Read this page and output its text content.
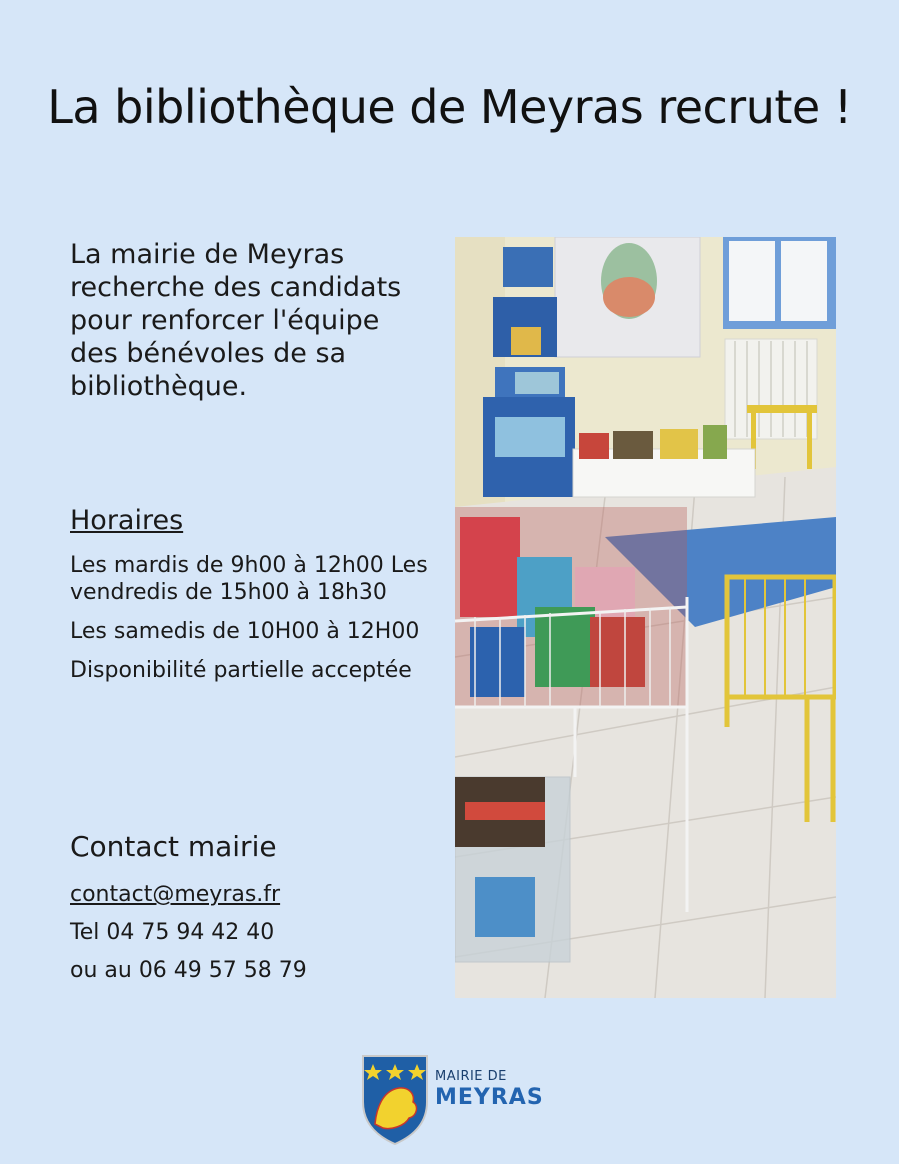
La bibliothèque de Meyras recrute !

La mairie de Meyras recherche des candidats pour renforcer l'équipe des bénévoles de sa bibliothèque.

Horaires

Les mardis de 9h00 à 12h00 Les vendredis de 15h00 à 18h30

Les samedis de 10H00 à 12H00

Disponibilité partielle acceptée

Contact mairie
contact@meyras.fr
Tel 04 75 94 42 40
ou au 06 49 57 58 79
MAIRIE DE
MEYRAS
